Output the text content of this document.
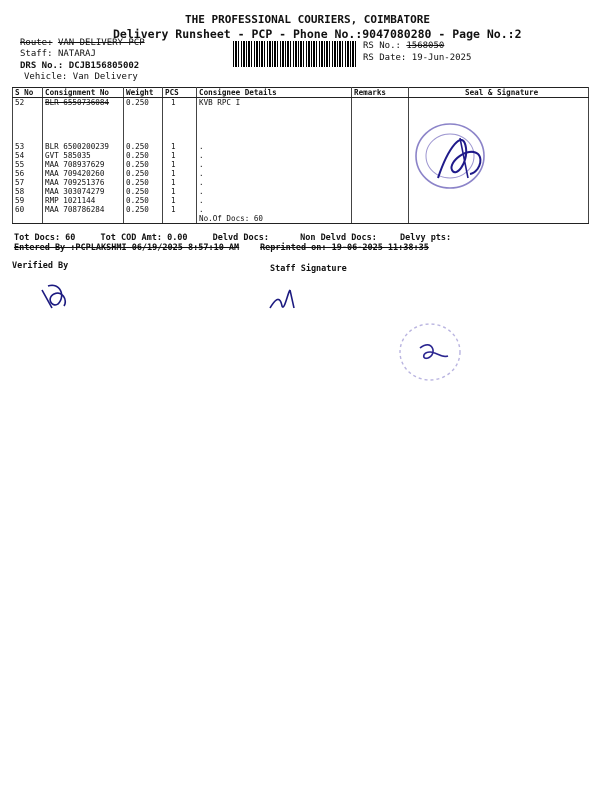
THE PROFESSIONAL COURIERS, COIMBATORE
Delivery Runsheet - PCP - Phone No.:9047080280 - Page No.:2
Route: VAN DELIVERY PCP
Staff: NATARAJ
DRS No.: DCJB156805002
Vehicle: Van Delivery
RS No.: 1568050
RS Date: 19-Jun-2025
S No	Consignment No	Weight	PCS	Consignee Details	Remarks	Seal & Signature
52	BLR 6550736084	0.250	1	KVB RPC I		
53	BLR 6500200239	0.250	1	.		
54	GVT 585035	0.250	1	.		
55	MAA 708937629	0.250	1	.		
56	MAA 709420260	0.250	1	.		
57	MAA 709251376	0.250	1	.		
58	MAA 303074279	0.250	1	.		
59	RMP 1021144	0.250	1	.		
60	MAA 708786284	0.250	1	.		
				No.Of Docs: 60		
Tot Docs: 60	Tot COD Amt: 0.00	Delvd Docs:	Non Delvd Docs:	Delvy pts:
Entered By :PCPLAKSHMI 06/19/2025 8:57:10 AM Reprinted on: 19-06-2025 11:38:35
Verified By	Staff Signature
